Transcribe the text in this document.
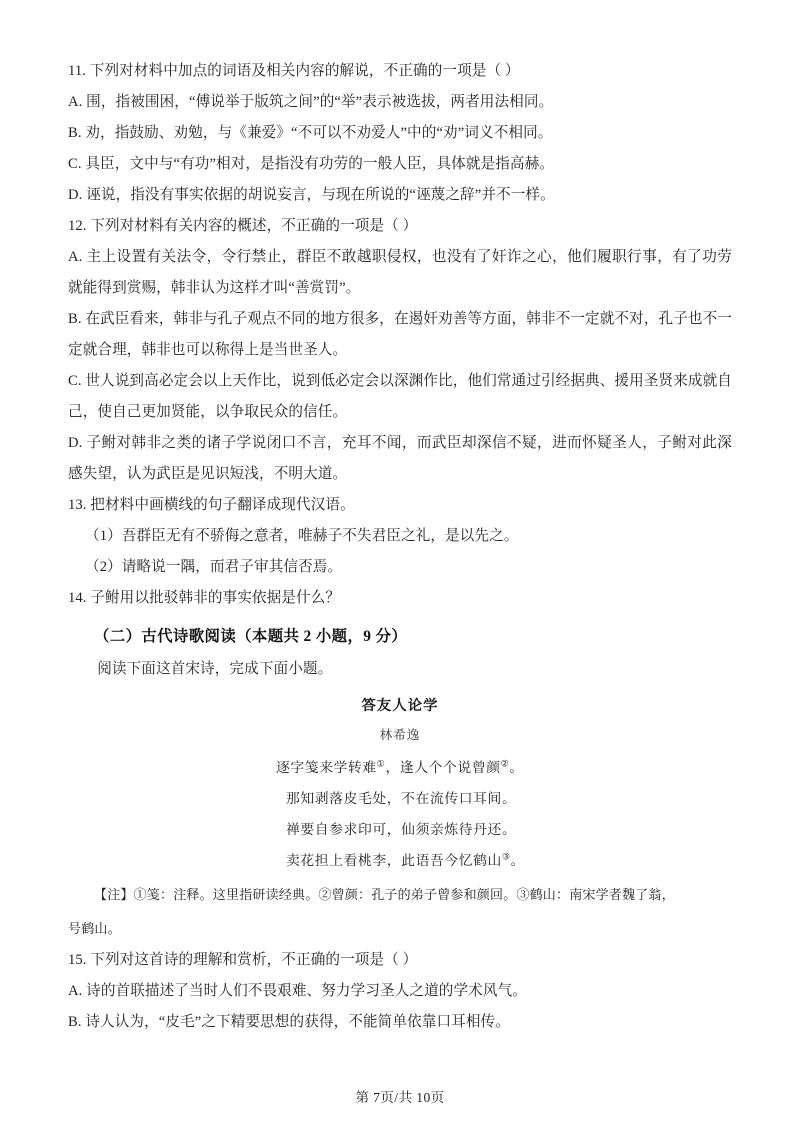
11. 下列对材料中加点的词语及相关内容的解说，不正确的一项是（ ）

A. 围，指被围困，“傅说举于版筑之间”的“举”表示被选拔，两者用法相同。

B. 劝，指鼓励、劝勉，与《兼爱》“不可以不劝爱人”中的“劝”词义不相同。

C. 具臣，文中与“有功”相对，是指没有功劳的一般人臣，具体就是指高赫。

D. 诬说，指没有事实依据的胡说妄言，与现在所说的“诬蔑之辞”并不一样。

12. 下列对材料有关内容的概述，不正确的一项是（ ）

A. 主上设置有关法令，令行禁止，群臣不敢越职侵权，也没有了奸诈之心，他们履职行事，有了功劳就能得到赏赐，韩非认为这样才叫“善赏罚”。

B. 在武臣看来，韩非与孔子观点不同的地方很多，在遏奸劝善等方面，韩非不一定就不对，孔子也不一定就合理，韩非也可以称得上是当世圣人。

C. 世人说到高必定会以上天作比，说到低必定会以深渊作比，他们常通过引经据典、援用圣贤来成就自己，使自己更加贤能，以争取民众的信任。

D. 子鲋对韩非之类的诸子学说闭口不言，充耳不闻，而武臣却深信不疑，进而怀疑圣人，子鲋对此深感失望，认为武臣是见识短浅，不明大道。

13. 把材料中画横线的句子翻译成现代汉语。

（1）吾群臣无有不骄侮之意者，唯赫子不失君臣之礼，是以先之。

（2）请略说一隅，而君子审其信否焉。

14. 子鲋用以批驳韩非的事实依据是什么？

（二）古代诗歌阅读（本题共 2 小题，9 分）

阅读下面这首宋诗，完成下面小题。

答友人论学

林希逸

逐字笺来学转难①，逢人个个说曾颜②。

那知剥落皮毛处，不在流传口耳间。

禅要自参求印可，仙须亲炼待丹还。

卖花担上看桃李，此语吾今忆鹤山③。

【注】①笺：注释。这里指研读经典。②曾颜：孔子的弟子曾参和颜回。③鹤山：南宋学者魏了翁，

号鹤山。

15. 下列对这首诗的理解和赏析，不正确的一项是（ ）

A. 诗的首联描述了当时人们不畏艰难、努力学习圣人之道的学术风气。

B. 诗人认为，“皮毛”之下精要思想的获得，不能简单依靠口耳相传。

第 7页/共 10页
